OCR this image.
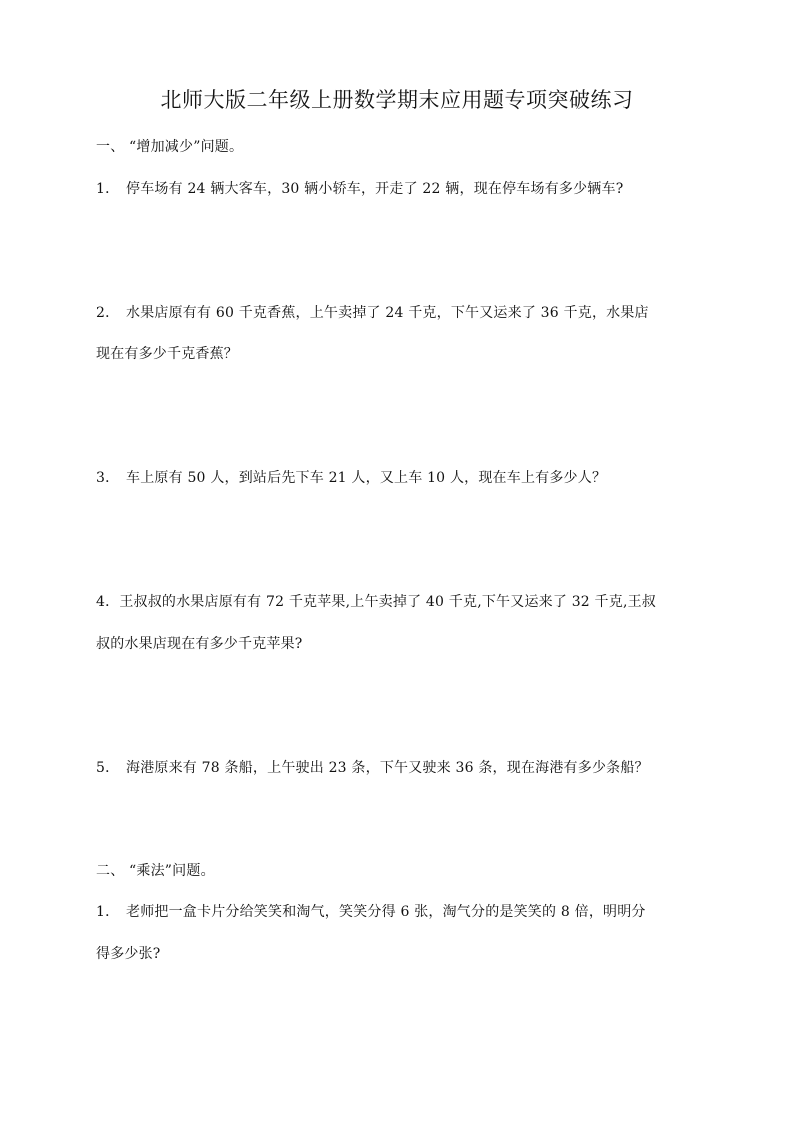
北师大版二年级上册数学期末应用题专项突破练习
一、 “增加减少”问题。
1． 停车场有 24 辆大客车，30 辆小轿车，开走了 22 辆，现在停车场有多少辆车?
2． 水果店原有有 60 千克香蕉，上午卖掉了 24 千克，下午又运来了 36 千克，水果店
现在有多少千克香蕉？
3． 车上原有 50 人，到站后先下车 21 人，又上车 10 人，现在车上有多少人？
4．王叔叔的水果店原有有 72 千克苹果,上午卖掉了 40 千克,下午又运来了 32 千克,王叔
叔的水果店现在有多少千克苹果?
5． 海港原来有 78 条船，上午驶出 23 条，下午又驶来 36 条，现在海港有多少条船？
二、 “乘法”问题。
1． 老师把一盒卡片分给笑笑和淘气，笑笑分得 6 张，淘气分的是笑笑的 8 倍，明明分
得多少张?
